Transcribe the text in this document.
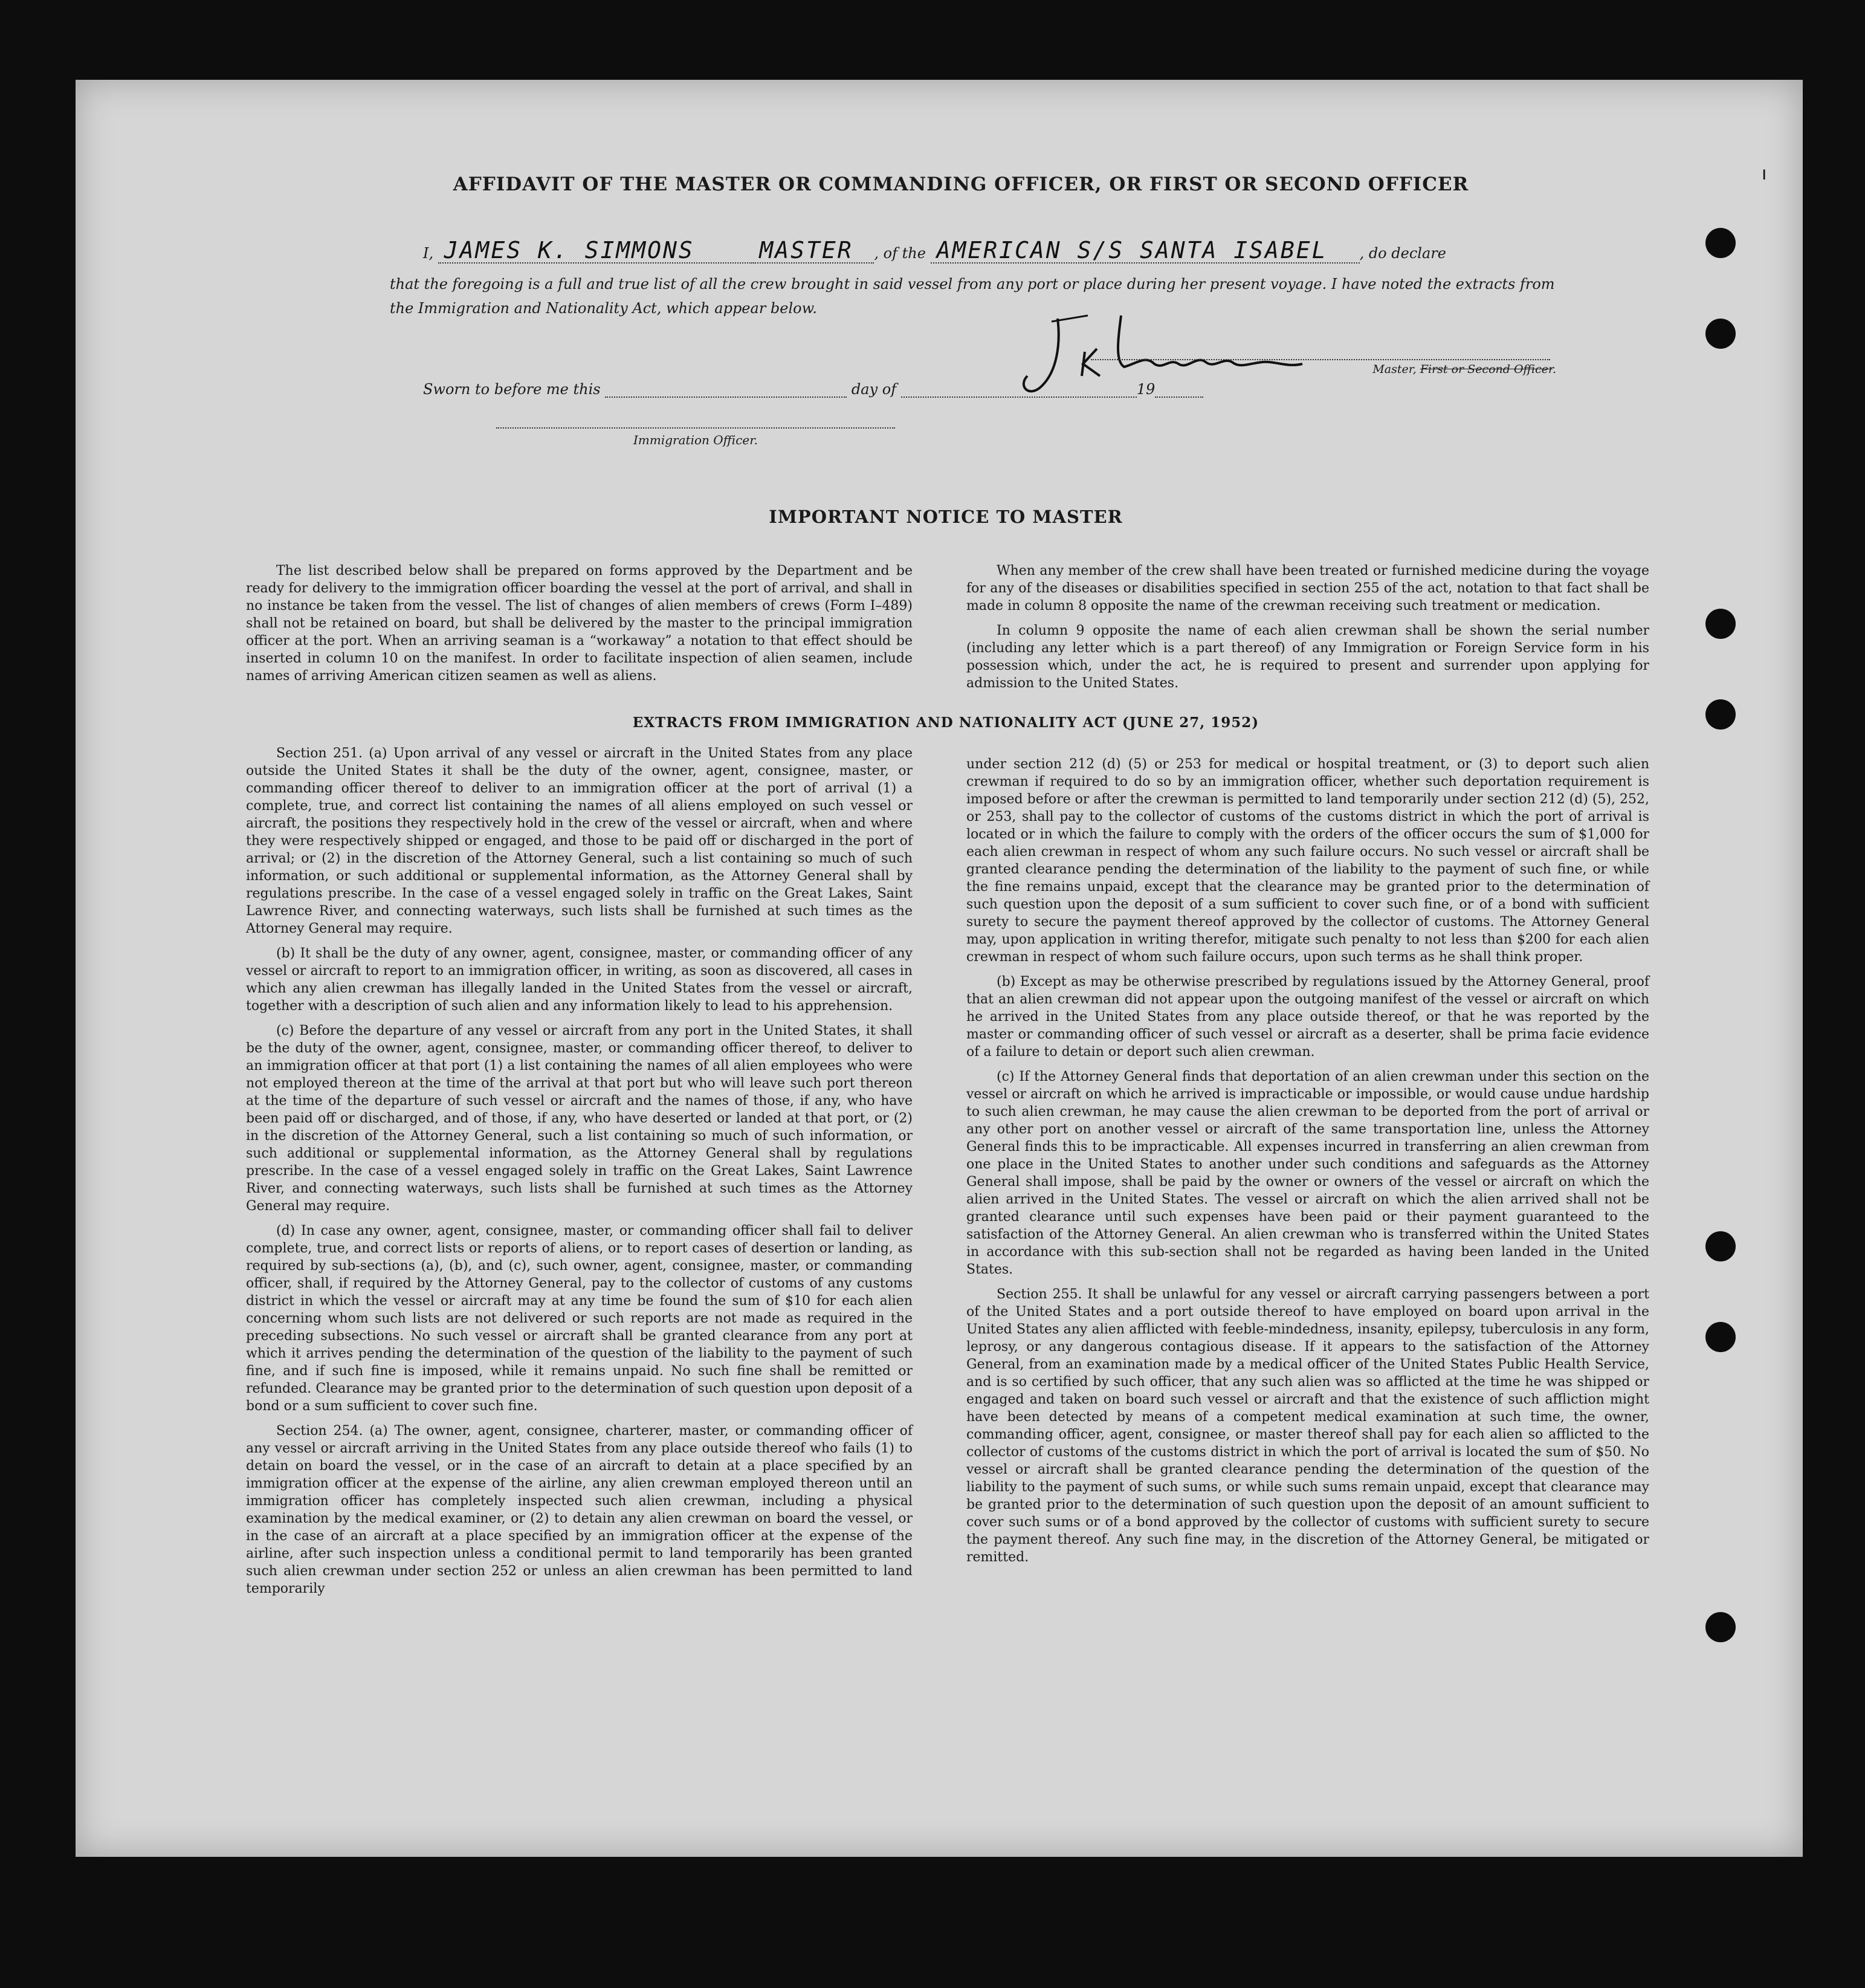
ı
AFFIDAVIT OF THE MASTER OR COMMANDING OFFICER, OR FIRST OR SECOND OFFICER
I, JAMES K. SIMMONS	MASTER , of the AMERICAN S/S SANTA ISABEL , do declare
that the foregoing is a full and true list of all the crew brought in said vessel from any port or place during her present voyage. I have noted the extracts from the Immigration and Nationality Act, which appear below.
Master, First or Second Officer.
Sworn to before me this	day of	19
Immigration Officer.
IMPORTANT NOTICE TO MASTER

The list described below shall be prepared on forms approved by the Department and be ready for delivery to the immigration officer boarding the vessel at the port of arrival, and shall in no instance be taken from the vessel. The list of changes of alien members of crews (Form I–489) shall not be retained on board, but shall be delivered by the master to the principal immigration officer at the port. When an arriving seaman is a “workaway” a notation to that effect should be inserted in column 10 on the manifest. In order to facilitate inspection of alien seamen, include names of arriving American citizen seamen as well as aliens.

When any member of the crew shall have been treated or furnished medicine during the voyage for any of the diseases or disabilities specified in section 255 of the act, notation to that fact shall be made in column 8 opposite the name of the crewman receiving such treatment or medication.

In column 9 opposite the name of each alien crewman shall be shown the serial number (including any letter which is a part thereof) of any Immigration or Foreign Service form in his possession which, under the act, he is required to present and surrender upon applying for admission to the United States.

EXTRACTS FROM IMMIGRATION AND NATIONALITY ACT (JUNE 27, 1952)

Section 251. (a) Upon arrival of any vessel or aircraft in the United States from any place outside the United States it shall be the duty of the owner, agent, consignee, master, or commanding officer thereof to deliver to an immigration officer at the port of arrival (1) a complete, true, and correct list containing the names of all aliens employed on such vessel or aircraft, the positions they respectively hold in the crew of the vessel or aircraft, when and where they were respectively shipped or engaged, and those to be paid off or discharged in the port of arrival; or (2) in the discretion of the Attorney General, such a list containing so much of such information, or such additional or supplemental information, as the Attorney General shall by regulations prescribe. In the case of a vessel engaged solely in traffic on the Great Lakes, Saint Lawrence River, and connecting waterways, such lists shall be furnished at such times as the Attorney General may require.

(b) It shall be the duty of any owner, agent, consignee, master, or commanding officer of any vessel or aircraft to report to an immigration officer, in writing, as soon as discovered, all cases in which any alien crewman has illegally landed in the United States from the vessel or aircraft, together with a description of such alien and any information likely to lead to his apprehension.

(c) Before the departure of any vessel or aircraft from any port in the United States, it shall be the duty of the owner, agent, consignee, master, or commanding officer thereof, to deliver to an immigration officer at that port (1) a list containing the names of all alien employees who were not employed thereon at the time of the arrival at that port but who will leave such port thereon at the time of the departure of such vessel or aircraft and the names of those, if any, who have been paid off or discharged, and of those, if any, who have deserted or landed at that port, or (2) in the discretion of the Attorney General, such a list containing so much of such information, or such additional or supplemental information, as the Attorney General shall by regulations prescribe. In the case of a vessel engaged solely in traffic on the Great Lakes, Saint Lawrence River, and connecting waterways, such lists shall be furnished at such times as the Attorney General may require.

(d) In case any owner, agent, consignee, master, or commanding officer shall fail to deliver complete, true, and correct lists or reports of aliens, or to report cases of desertion or landing, as required by sub-sections (a), (b), and (c), such owner, agent, consignee, master, or commanding officer, shall, if required by the Attorney General, pay to the collector of customs of any customs district in which the vessel or aircraft may at any time be found the sum of $10 for each alien concerning whom such lists are not delivered or such reports are not made as required in the preceding subsections. No such vessel or aircraft shall be granted clearance from any port at which it arrives pending the determination of the question of the liability to the payment of such fine, and if such fine is imposed, while it remains unpaid. No such fine shall be remitted or refunded. Clearance may be granted prior to the determination of such question upon deposit of a bond or a sum sufficient to cover such fine.

Section 254. (a) The owner, agent, consignee, charterer, master, or commanding officer of any vessel or aircraft arriving in the United States from any place outside thereof who fails (1) to detain on board the vessel, or in the case of an aircraft to detain at a place specified by an immigration officer at the expense of the airline, any alien crewman employed thereon until an immigration officer has completely inspected such alien crewman, including a physical examination by the medical examiner, or (2) to detain any alien crewman on board the vessel, or in the case of an aircraft at a place specified by an immigration officer at the expense of the airline, after such inspection unless a conditional permit to land temporarily has been granted such alien crewman under section 252 or unless an alien crewman has been permitted to land temporarily

under section 212 (d) (5) or 253 for medical or hospital treatment, or (3) to deport such alien crewman if required to do so by an immigration officer, whether such deportation requirement is imposed before or after the crewman is permitted to land temporarily under section 212 (d) (5), 252, or 253, shall pay to the collector of customs of the customs district in which the port of arrival is located or in which the failure to comply with the orders of the officer occurs the sum of $1,000 for each alien crewman in respect of whom any such failure occurs. No such vessel or aircraft shall be granted clearance pending the determination of the liability to the payment of such fine, or while the fine remains unpaid, except that the clearance may be granted prior to the determination of such question upon the deposit of a sum sufficient to cover such fine, or of a bond with sufficient surety to secure the payment thereof approved by the collector of customs. The Attorney General may, upon application in writing therefor, mitigate such penalty to not less than $200 for each alien crewman in respect of whom such failure occurs, upon such terms as he shall think proper.

(b) Except as may be otherwise prescribed by regulations issued by the Attorney General, proof that an alien crewman did not appear upon the outgoing manifest of the vessel or aircraft on which he arrived in the United States from any place outside thereof, or that he was reported by the master or commanding officer of such vessel or aircraft as a deserter, shall be prima facie evidence of a failure to detain or deport such alien crewman.

(c) If the Attorney General finds that deportation of an alien crewman under this section on the vessel or aircraft on which he arrived is impracticable or impossible, or would cause undue hardship to such alien crewman, he may cause the alien crewman to be deported from the port of arrival or any other port on another vessel or aircraft of the same transportation line, unless the Attorney General finds this to be impracticable. All expenses incurred in transferring an alien crewman from one place in the United States to another under such conditions and safeguards as the Attorney General shall impose, shall be paid by the owner or owners of the vessel or aircraft on which the alien arrived in the United States. The vessel or aircraft on which the alien arrived shall not be granted clearance until such expenses have been paid or their payment guaranteed to the satisfaction of the Attorney General. An alien crewman who is transferred within the United States in accordance with this sub-section shall not be regarded as having been landed in the United States.

Section 255. It shall be unlawful for any vessel or aircraft carrying passengers between a port of the United States and a port outside thereof to have employed on board upon arrival in the United States any alien afflicted with feeble-mindedness, insanity, epilepsy, tuberculosis in any form, leprosy, or any dangerous contagious disease. If it appears to the satisfaction of the Attorney General, from an examination made by a medical officer of the United States Public Health Service, and is so certified by such officer, that any such alien was so afflicted at the time he was shipped or engaged and taken on board such vessel or aircraft and that the existence of such affliction might have been detected by means of a competent medical examination at such time, the owner, commanding officer, agent, consignee, or master thereof shall pay for each alien so afflicted to the collector of customs of the customs district in which the port of arrival is located the sum of $50. No vessel or aircraft shall be granted clearance pending the determination of the question of the liability to the payment of such sums, or while such sums remain unpaid, except that clearance may be granted prior to the determination of such question upon the deposit of an amount sufficient to cover such sums or of a bond approved by the collector of customs with sufficient surety to secure the payment thereof. Any such fine may, in the discretion of the Attorney General, be mitigated or remitted.
